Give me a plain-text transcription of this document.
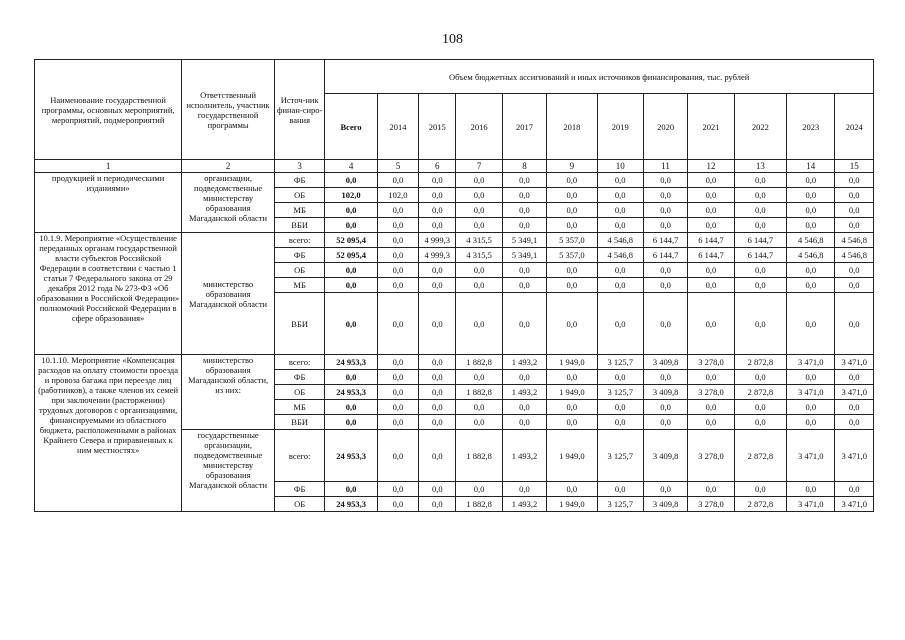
108
Наименование государственной программы, основных мероприятий, мероприятий, подмероприятий	Ответственный исполнитель, участник государственной программы	Источ-ник финан-сиро-вания	Объем бюджетных ассигнований и иных источников финансирования, тыс. рублей											
			Всего	2014	2015	2016	2017	2018	2019	2020	2021	2022	2023	2024
1	2	3	4	5	6	7	8	9	10	11	12	13	14	15
продукцией и периодическими изданиями»	организации, подведомственные министерству образования Магаданской области	ФБ	0,0	0,0	0,0	0,0	0,0	0,0	0,0	0,0	0,0	0,0	0,0	0,0
		ОБ	102,0	102,0	0,0	0,0	0,0	0,0	0,0	0,0	0,0	0,0	0,0	0,0
		МБ	0,0	0,0	0,0	0,0	0,0	0,0	0,0	0,0	0,0	0,0	0,0	0,0
		ВБИ	0,0	0,0	0,0	0,0	0,0	0,0	0,0	0,0	0,0	0,0	0,0	0,0
10.1.9. Мероприятие «Осуществление переданных органам государственной власти субъектов Российской Федерации в соответствии с частью 1 статьи 7 Федерального закона от 29 декабря 2012 года № 273-ФЗ «Об образовании в Российской Федерации» полномочий Российской Федерации в сфере образования»	министерство образования Магаданской области	всего:	52 095,4	0,0	4 999,3	4 315,5	5 349,1	5 357,0	4 546,8	6 144,7	6 144,7	6 144,7	4 546,8	4 546,8
		ФБ	52 095,4	0,0	4 999,3	4 315,5	5 349,1	5 357,0	4 546,8	6 144,7	6 144,7	6 144,7	4 546,8	4 546,8
		ОБ	0,0	0,0	0,0	0,0	0,0	0,0	0,0	0,0	0,0	0,0	0,0	0,0
		МБ	0,0	0,0	0,0	0,0	0,0	0,0	0,0	0,0	0,0	0,0	0,0	0,0
		ВБИ	0,0	0,0	0,0	0,0	0,0	0,0	0,0	0,0	0,0	0,0	0,0	0,0
10.1.10. Мероприятие «Компенсация расходов на оплату стоимости проезда и провоза багажа при переезде лиц (работников), а также членов их семей при заключении (расторжении) трудовых договоров с организациями, финансируемыми из областного бюджета, расположенными в районах Крайнего Севера и приравненных к ним местностях»	министерство образования Магаданской области, из них:	всего:	24 953,3	0,0	0,0	1 882,8	1 493,2	1 949,0	3 125,7	3 409,8	3 278,0	2 872,8	3 471,0	3 471,0
		ФБ	0,0	0,0	0,0	0,0	0,0	0,0	0,0	0,0	0,0	0,0	0,0	0,0
		ОБ	24 953,3	0,0	0,0	1 882,8	1 493,2	1 949,0	3 125,7	3 409,8	3 278,0	2 872,8	3 471,0	3 471,0
		МБ	0,0	0,0	0,0	0,0	0,0	0,0	0,0	0,0	0,0	0,0	0,0	0,0
		ВБИ	0,0	0,0	0,0	0,0	0,0	0,0	0,0	0,0	0,0	0,0	0,0	0,0
	государственные организации, подведомственные министерству образования Магаданской области	всего:	24 953,3	0,0	0,0	1 882,8	1 493,2	1 949,0	3 125,7	3 409,8	3 278,0	2 872,8	3 471,0	3 471,0
		ФБ	0,0	0,0	0,0	0,0	0,0	0,0	0,0	0,0	0,0	0,0	0,0	0,0
		ОБ	24 953,3	0,0	0,0	1 882,8	1 493,2	1 949,0	3 125,7	3 409,8	3 278,0	2 872,8	3 471,0	3 471,0
